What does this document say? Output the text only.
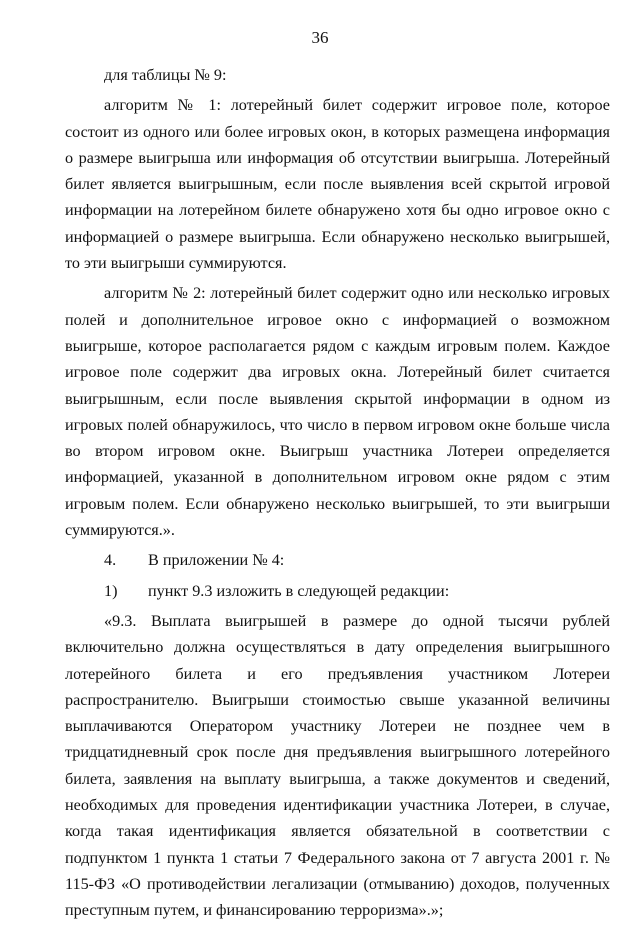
36

для таблицы № 9:

алгоритм № 1: лотерейный билет содержит игровое поле, которое состоит из одного или более игровых окон, в которых размещена информация о размере выигрыша или информация об отсутствии выигрыша. Лотерейный билет является выигрышным, если после выявления всей скрытой игровой информации на лотерейном билете обнаружено хотя бы одно игровое окно с информацией о размере выигрыша. Если обнаружено несколько выигрышей, то эти выигрыши суммируются.

алгоритм № 2: лотерейный билет содержит одно или несколько игровых полей и дополнительное игровое окно с информацией о возможном выигрыше, которое располагается рядом с каждым игровым полем. Каждое игровое поле содержит два игровых окна. Лотерейный билет считается выигрышным, если после выявления скрытой информации в одном из игровых полей обнаружилось, что число в первом игровом окне больше числа во втором игровом окне. Выигрыш участника Лотереи определяется информацией, указанной в дополнительном игровом окне рядом с этим игровым полем. Если обнаружено несколько выигрышей, то эти выигрыши суммируются.».

4. В приложении № 4:

1) пункт 9.3 изложить в следующей редакции:

«9.3. Выплата выигрышей в размере до одной тысячи рублей включительно должна осуществляться в дату определения выигрышного лотерейного билета и его предъявления участником Лотереи распространителю. Выигрыши стоимостью свыше указанной величины выплачиваются Оператором участнику Лотереи не позднее чем в тридцатидневный срок после дня предъявления выигрышного лотерейного билета, заявления на выплату выигрыша, а также документов и сведений, необходимых для проведения идентификации участника Лотереи, в случае, когда такая идентификация является обязательной в соответствии с подпунктом 1 пункта 1 статьи 7 Федерального закона от 7 августа 2001 г. № 115-ФЗ «О противодействии легализации (отмыванию) доходов, полученных преступным путем, и финансированию терроризма».»;
